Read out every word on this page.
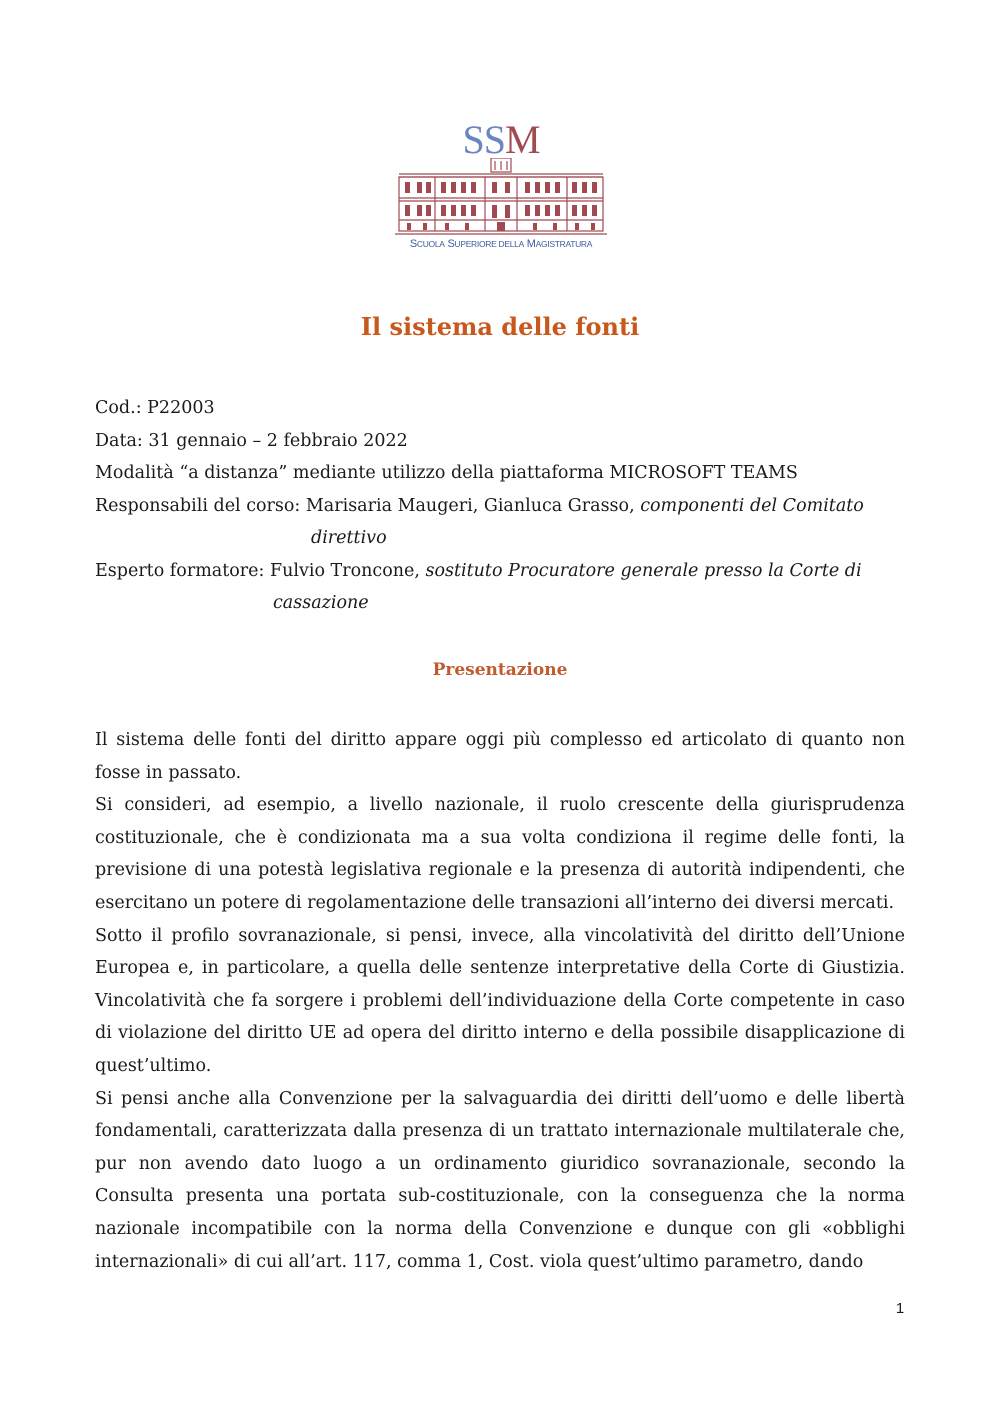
SSM
SCUOLA SUPERIORE DELLA MAGISTRATURA
Il sistema delle fonti
Cod.: P22003
Data: 31 gennaio – 2 febbraio 2022
Modalità “a distanza” mediante utilizzo della piattaforma MICROSOFT TEAMS
Responsabili del corso: Marisaria Maugeri, Gianluca Grasso, componenti del Comitato
direttivo
Esperto formatore: Fulvio Troncone, sostituto Procuratore generale presso la Corte di
cassazione
Presentazione

Il sistema delle fonti del diritto appare oggi più complesso ed articolato di quanto non fosse in passato.

Si consideri, ad esempio, a livello nazionale, il ruolo crescente della giurisprudenza costituzionale, che è condizionata ma a sua volta condiziona il regime delle fonti, la previsione di una potestà legislativa regionale e la presenza di autorità indipendenti, che esercitano un potere di regolamentazione delle transazioni all’interno dei diversi mercati.

Sotto il profilo sovranazionale, si pensi, invece, alla vincolatività del diritto dell’Unione Europea e, in particolare, a quella delle sentenze interpretative della Corte di Giustizia. Vincolatività che fa sorgere i problemi dell’individuazione della Corte competente in caso di violazione del diritto UE ad opera del diritto interno e della possibile disapplicazione di quest’ultimo.

Si pensi anche alla Convenzione per la salvaguardia dei diritti dell’uomo e delle libertà fondamentali, caratterizzata dalla presenza di un trattato internazionale multilaterale che, pur non avendo dato luogo a un ordinamento giuridico sovranazionale, secondo la Consulta presenta una portata sub-costituzionale, con la conseguenza che la norma nazionale incompatibile con la norma della Convenzione e dunque con gli «obblighi internazionali» di cui all’art. 117, comma 1, Cost. viola quest’ultimo parametro, dando

1
